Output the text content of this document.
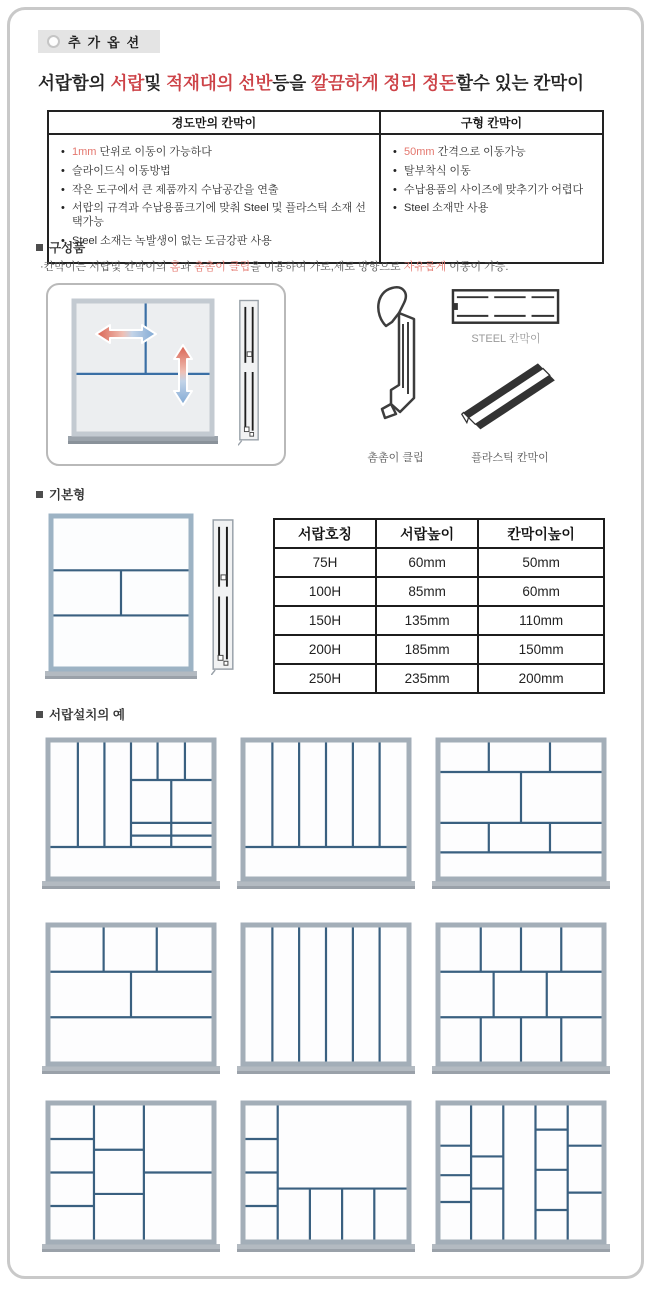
추가옵션
서랍함의 서랍및 적재대의 선반등을 깔끔하게 정리 정돈할수 있는 칸막이
경도만의 칸막이	구형 칸막이

• 1mm 단위로 이동이 가능하다
• 슬라이드식 이동방법
• 작은 도구에서 큰 제품까지 수납공간을 연출
• 서랍의 규격과 수납용품크기에 맞춰 Steel 및 플라스틱 소재 선택가능
• Steel 소재는 녹발생이 없는 도금강판 사용

• 50mm 간격으로 이동가능
• 탈부착식 이동
• 수납용품의 사이즈에 맞추기가 어렵다
• Steel 소재만 사용
구성품
·칸막이는 서랍및 칸막이의 홈과 촘촘이 클립을 이용하여 가로,세로 방향으로 자유롭게 이동이 가능.
촘촘이 클립
STEEL 칸막이
플라스틱 칸막이
기본형
서랍호칭	서랍높이	칸막이높이
75H	60mm	50mm
100H	85mm	60mm
150H	135mm	110mm
200H	185mm	150mm
250H	235mm	200mm
서랍설치의 예
